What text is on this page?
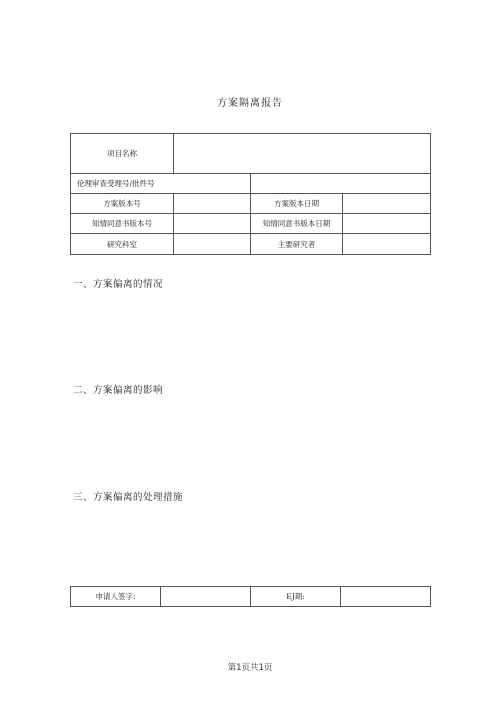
方案隔离报告
项目名称			
伦理审查受理号/批件号			
方案版本号		方案版本日期	
知情同意书版本号		知情同意书版本日期	
研究科室		主要研究者	
一、方案偏离的情况
二、方案偏离的影响
三、方案偏离的处理措施
申请人签字:		EJ期:	
第1页共1页
